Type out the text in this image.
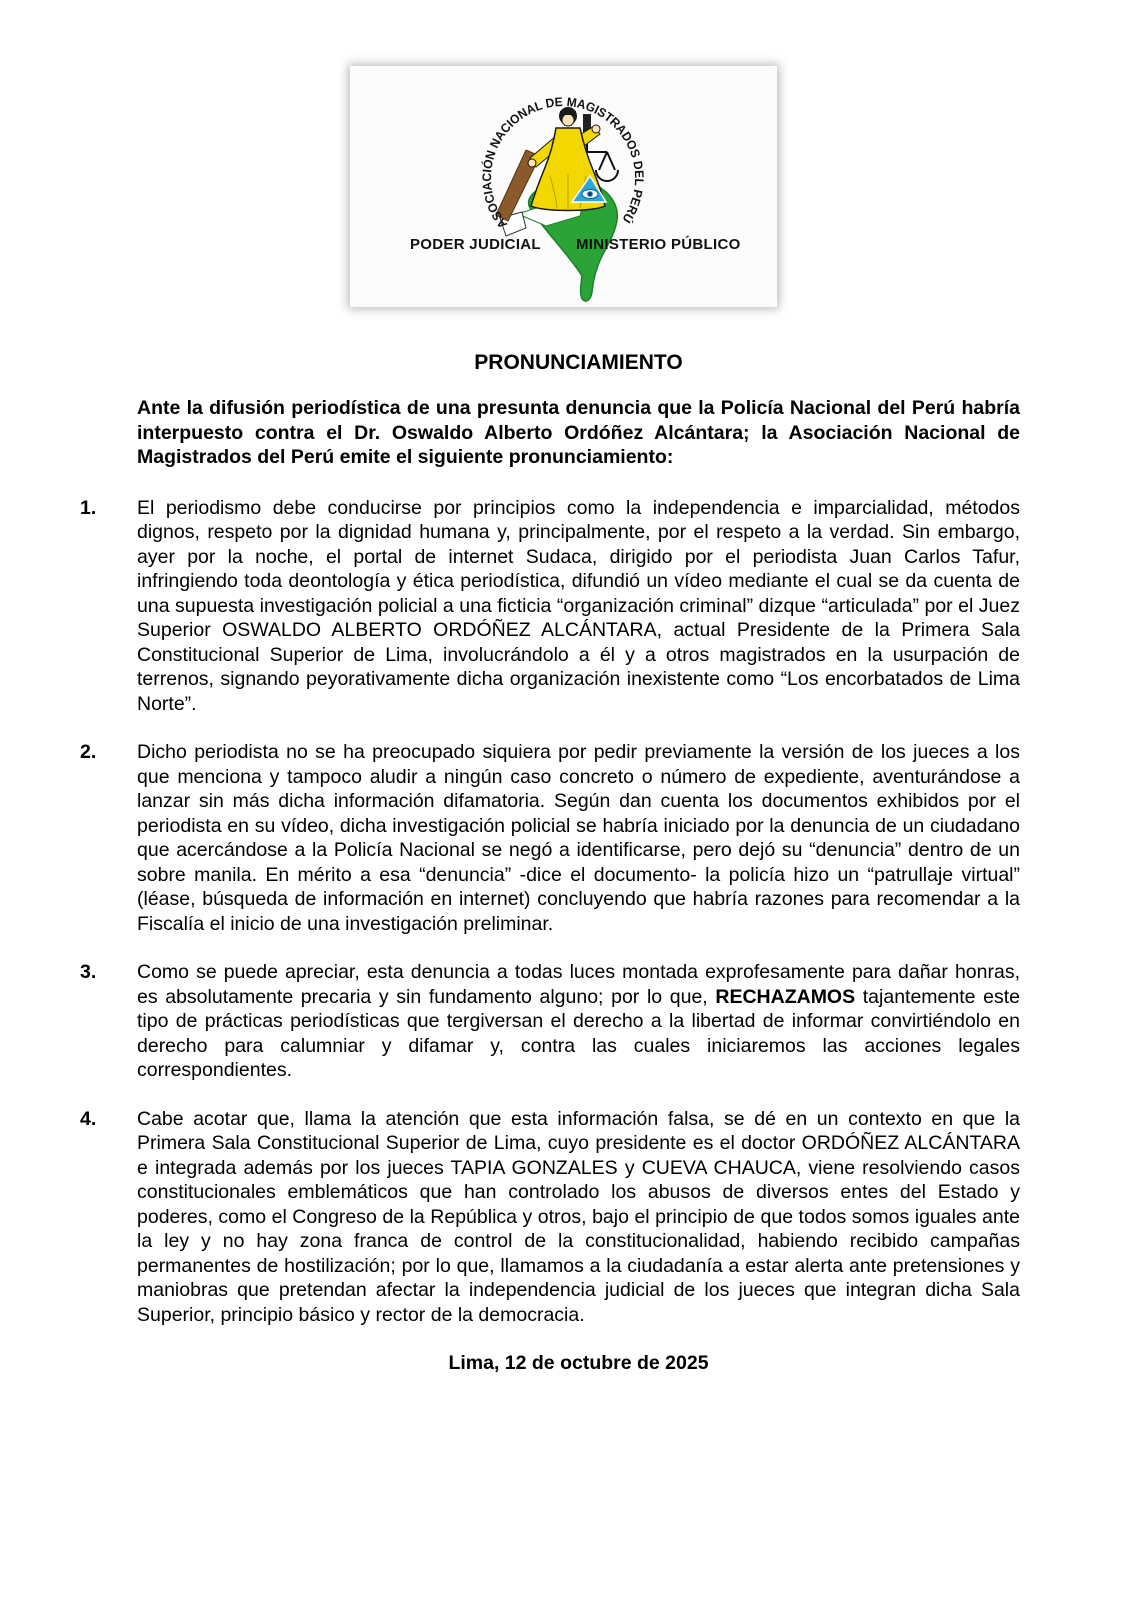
ASOCIACIÓN NACIONAL DE MAGISTRADOS DEL PERÚ
PODER JUDICIAL MINISTERIO PÚBLICO
PRONUNCIAMIENTO

Ante la difusión periodística de una presunta denuncia que la Policía Nacional del Perú habría interpuesto contra el Dr. Oswaldo Alberto Ordóñez Alcántara; la Asociación Nacional de Magistrados del Perú emite el siguiente pronunciamiento:

1.	El periodismo debe conducirse por principios como la independencia e imparcialidad, métodos dignos, respeto por la dignidad humana y, principalmente, por el respeto a la verdad. Sin embargo, ayer por la noche, el portal de internet Sudaca, dirigido por el periodista Juan Carlos Tafur, infringiendo toda deontología y ética periodística, difundió un vídeo mediante el cual se da cuenta de una supuesta investigación policial a una ficticia “organización criminal” dizque “articulada” por el Juez Superior OSWALDO ALBERTO ORDÓÑEZ ALCÁNTARA, actual Presidente de la Primera Sala Constitucional Superior de Lima, involucrándolo a él y a otros magistrados en la usurpación de terrenos, signando peyorativamente dicha organización inexistente como “Los encorbatados de Lima Norte”.
2.	Dicho periodista no se ha preocupado siquiera por pedir previamente la versión de los jueces a los que menciona y tampoco aludir a ningún caso concreto o número de expediente, aventurándose a lanzar sin más dicha información difamatoria. Según dan cuenta los documentos exhibidos por el periodista en su vídeo, dicha investigación policial se habría iniciado por la denuncia de un ciudadano que acercándose a la Policía Nacional se negó a identificarse, pero dejó su “denuncia” dentro de un sobre manila. En mérito a esa “denuncia” -dice el documento- la policía hizo un “patrullaje virtual” (léase, búsqueda de información en internet) concluyendo que habría razones para recomendar a la Fiscalía el inicio de una investigación preliminar.
3.	Como se puede apreciar, esta denuncia a todas luces montada exprofesamente para dañar honras, es absolutamente precaria y sin fundamento alguno; por lo que, RECHAZAMOS tajantemente este tipo de prácticas periodísticas que tergiversan el derecho a la libertad de informar convirtiéndolo en derecho para calumniar y difamar y, contra las cuales iniciaremos las acciones legales correspondientes.
4.	Cabe acotar que, llama la atención que esta información falsa, se dé en un contexto en que la Primera Sala Constitucional Superior de Lima, cuyo presidente es el doctor ORDÓÑEZ ALCÁNTARA e integrada además por los jueces TAPIA GONZALES y CUEVA CHAUCA, viene resolviendo casos constitucionales emblemáticos que han controlado los abusos de diversos entes del Estado y poderes, como el Congreso de la República y otros, bajo el principio de que todos somos iguales ante la ley y no hay zona franca de control de la constitucionalidad, habiendo recibido campañas permanentes de hostilización; por lo que, llamamos a la ciudadanía a estar alerta ante pretensiones y maniobras que pretendan afectar la independencia judicial de los jueces que integran dicha Sala Superior, principio básico y rector de la democracia.
Lima, 12 de octubre de 2025
